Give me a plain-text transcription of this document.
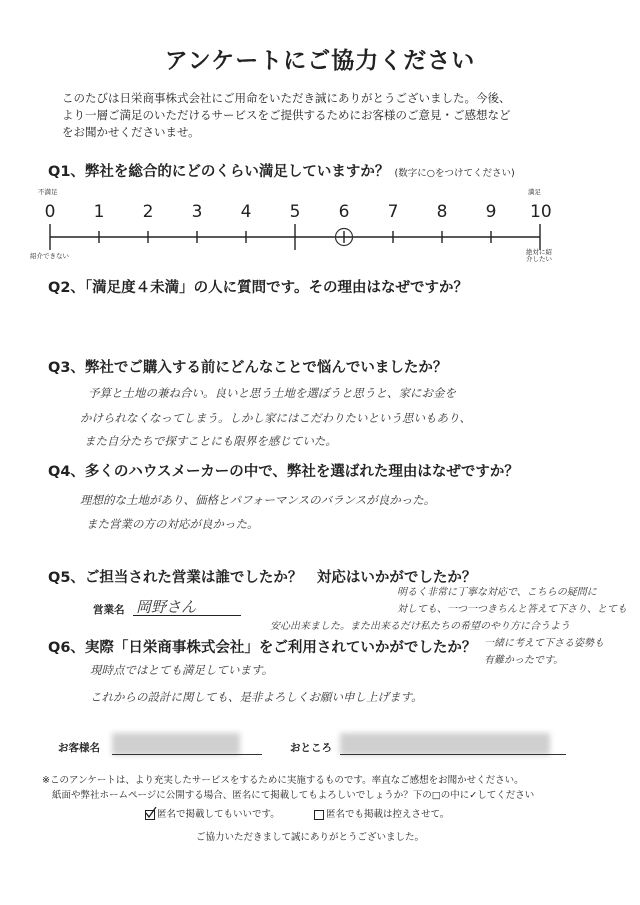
アンケートにご協力ください
このたびは日栄商事株式会社にご用命をいただき誠にありがとうございました。今後、
より一層ご満足のいただけるサービスをご提供するためにお客様のご意見・ご感想など
をお聞かせくださいませ。
Q1、弊社を総合的にどのくらい満足していますか？ (数字に○をつけてください)
不満足	満足
0 1 2 3 4 5 6 7 8 9 10
紹介できない	絶対に紹介したい
Q2、「満足度４未満」の人に質問です。その理由はなぜですか？
Q3、弊社でご購入する前にどんなことで悩んでいましたか？
予算と土地の兼ね合い。良いと思う土地を選ぼうと思うと、家にお金を
かけられなくなってしまう。しかし家にはこだわりたいという思いもあり、
また自分たちで探すことにも限界を感じていた。
Q4、多くのハウスメーカーの中で、弊社を選ばれた理由はなぜですか？
理想的な土地があり、価格とパフォーマンスのバランスが良かった。
また営業の方の対応が良かった。
Q5、ご担当された営業は誰でしたか？　対応はいかがでしたか？
営業名 岡野さん
明るく非常に丁寧な対応で、こちらの疑問に
対しても、一つ一つきちんと答えて下さり、とても
安心出来ました。また出来るだけ私たちの希望のやり方に合うよう
一緒に考えて下さる姿勢も
有難かったです。
Q6、実際「日栄商事株式会社」をご利用されていかがでしたか？
現時点ではとても満足しています。
これからの設計に関しても、是非よろしくお願い申し上げます。
お客様名	おところ
※このアンケートは、より充実したサービスをするために実施するものです。率直なご感想をお聞かせください。
紙面や弊社ホームページに公開する場合、匿名にて掲載してもよろしいでしょうか？下の□の中に✓してください
匿名で掲載してもいいです。	匿名でも掲載は控えさせて。
ご協力いただきまして誠にありがとうございました。
